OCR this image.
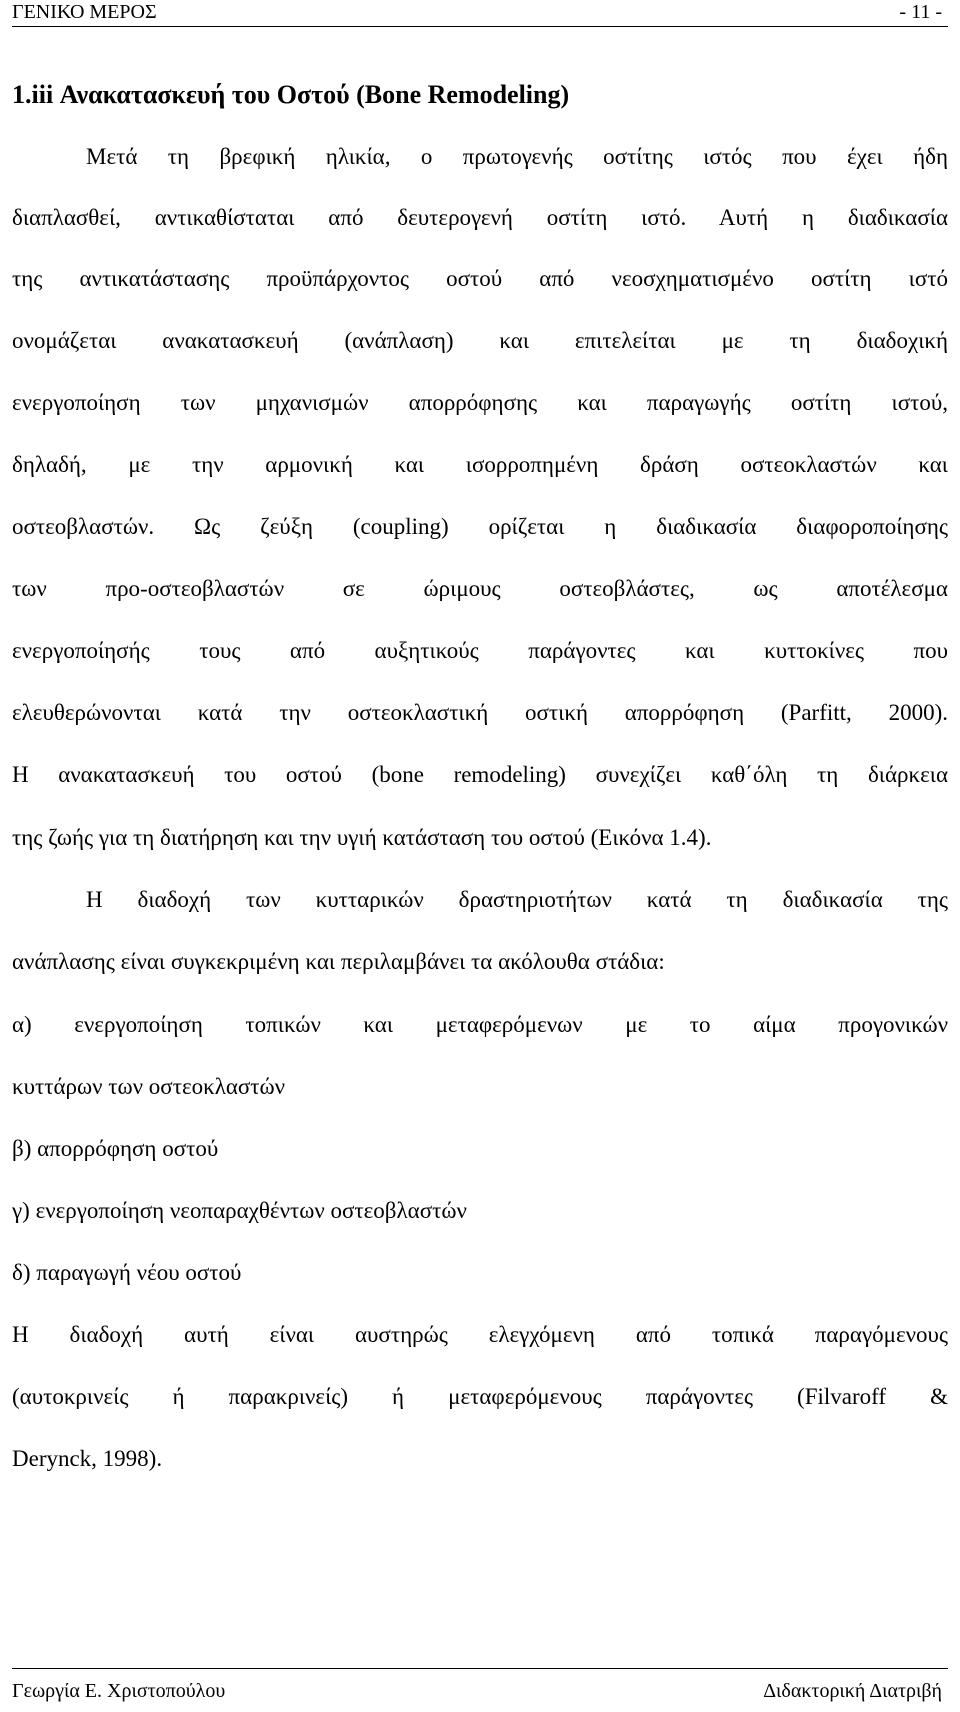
ΓΕΝΙΚΟ ΜΕΡΟΣ	- 11 -
1.iii Ανακατασκευή του Οστού (Bone Remodeling)
Μετά τη βρεφική ηλικία, ο πρωτογενής οστίτης ιστός που έχει ήδη
διαπλασθεί, αντικαθίσταται από δευτερογενή οστίτη ιστό. Αυτή η διαδικασία
της αντικατάστασης προϋπάρχοντος οστού από νεοσχηματισμένο οστίτη ιστό
ονομάζεται ανακατασκευή (ανάπλαση) και επιτελείται με τη διαδοχική
ενεργοποίηση των μηχανισμών απορρόφησης και παραγωγής οστίτη ιστού,
δηλαδή, με την αρμονική και ισορροπημένη δράση οστεοκλαστών και
οστεοβλαστών. Ως ζεύξη (coupling) ορίζεται η διαδικασία διαφοροποίησης
των προ-οστεοβλαστών σε ώριμους οστεοβλάστες, ως αποτέλεσμα
ενεργοποίησής τους από αυξητικούς παράγοντες και κυττοκίνες που
ελευθερώνονται κατά την οστεοκλαστική οστική απορρόφηση (Parfitt, 2000).
Η ανακατασκευή του οστού (bone remodeling) συνεχίζει καθ΄όλη τη διάρκεια
της ζωής για τη διατήρηση και την υγιή κατάσταση του οστού (Εικόνα 1.4).
Η διαδοχή των κυτταρικών δραστηριοτήτων κατά τη διαδικασία της
ανάπλασης είναι συγκεκριμένη και περιλαμβάνει τα ακόλουθα στάδια:
α) ενεργοποίηση τοπικών και μεταφερόμενων με το αίμα προγονικών
κυττάρων των οστεοκλαστών
β) απορρόφηση οστού
γ) ενεργοποίηση νεοπαραχθέντων οστεοβλαστών
δ) παραγωγή νέου οστού
Η διαδοχή αυτή είναι αυστηρώς ελεγχόμενη από τοπικά παραγόμενους
(αυτοκρινείς ή παρακρινείς) ή μεταφερόμενους παράγοντες (Filvaroff &
Derynck, 1998).
Γεωργία Ε. Χριστοπούλου	Διδακτορική Διατριβή
